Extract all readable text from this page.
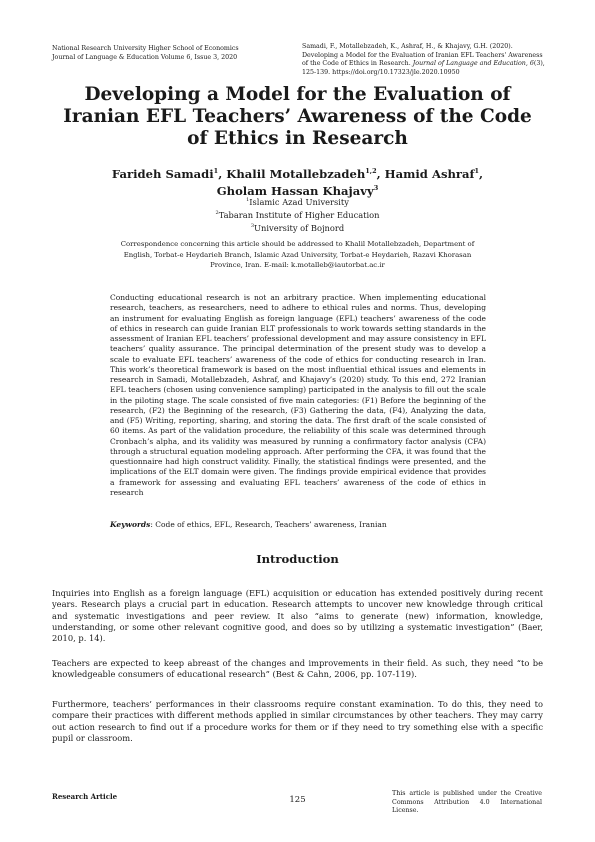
National Research University Higher School of Economics
Journal of Language & Education Volume 6, Issue 3, 2020
Samadi, F., Motallebzadeh, K., Ashraf, H., & Khajavy, G.H. (2020). Developing a Model for the Evaluation of Iranian EFL Teachers' Awareness of the Code of Ethics in Research. Journal of Language and Education, 6(3), 125-139. https://doi.org/10.17323/jle.2020.10950
Developing a Model for the Evaluation of Iranian EFL Teachers’ Awareness of the Code of Ethics in Research
Farideh Samadi$^1$, Khalil Motallebzadeh$^{1,2}$, Hamid Ashraf$^1$,
Gholam Hassan Khajavy$^3$
$^1$Islamic Azad University
$^2$Tabaran Institute of Higher Education
$^3$University of Bojnord
Correspondence concerning this article should be addressed to Khalil Motallebzadeh, Department of English, Torbat-e Heydarieh Branch, Islamic Azad University, Torbat-e Heydarieh, Razavi Khorasan Province, Iran. E-mail: k.motalleb@iautorbat.ac.ir
Conducting educational research is not an arbitrary practice. When implementing educational research, teachers, as researchers, need to adhere to ethical rules and norms. Thus, developing an instrument for evaluating English as foreign language (EFL) teachers’ awareness of the code of ethics in research can guide Iranian ELT professionals to work towards setting standards in the assessment of Iranian EFL teachers’ professional development and may assure consistency in EFL teachers’ quality assurance. The principal determination of the present study was to develop a scale to evaluate EFL teachers’ awareness of the code of ethics for conducting research in Iran. This work’s theoretical framework is based on the most influential ethical issues and elements in research in Samadi, Motallebzadeh, Ashraf, and Khajavy’s (2020) study. To this end, 272 Iranian EFL teachers (chosen using convenience sampling) participated in the analysis to fill out the scale in the piloting stage. The scale consisted of five main categories: (F1) Before the beginning of the research, (F2) the Beginning of the research, (F3) Gathering the data, (F4), Analyzing the data, and (F5) Writing, reporting, sharing, and storing the data. The first draft of the scale consisted of 60 items. As part of the validation procedure, the reliability of this scale was determined through Cronbach’s alpha, and its validity was measured by running a confirmatory factor analysis (CFA) through a structural equation modeling approach. After performing the CFA, it was found that the questionnaire had high construct validity. Finally, the statistical findings were presented, and the implications of the ELT domain were given. The findings provide empirical evidence that provides a framework for assessing and evaluating EFL teachers’ awareness of the code of ethics in research
Keywords: Code of ethics, EFL, Research, Teachers’ awareness, Iranian
Introduction
Inquiries into English as a foreign language (EFL) acquisition or education has extended positively during recent years. Research plays a crucial part in education. Research attempts to uncover new knowledge through critical and systematic investigations and peer review. It also “aims to generate (new) information, knowledge, understanding, or some other relevant cognitive good, and does so by utilizing a systematic investigation” (Baer, 2010, p. 14).
Teachers are expected to keep abreast of the changes and improvements in their field. As such, they need “to be knowledgeable consumers of educational research” (Best & Cahn, 2006, pp. 107-119).
Furthermore, teachers’ performances in their classrooms require constant examination. To do this, they need to compare their practices with different methods applied in similar circumstances by other teachers. They may carry out action research to find out if a procedure works for them or if they need to try something else with a specific pupil or classroom.
Research Article	125
This article is published under the Creative Commons Attribution 4.0 International License.
